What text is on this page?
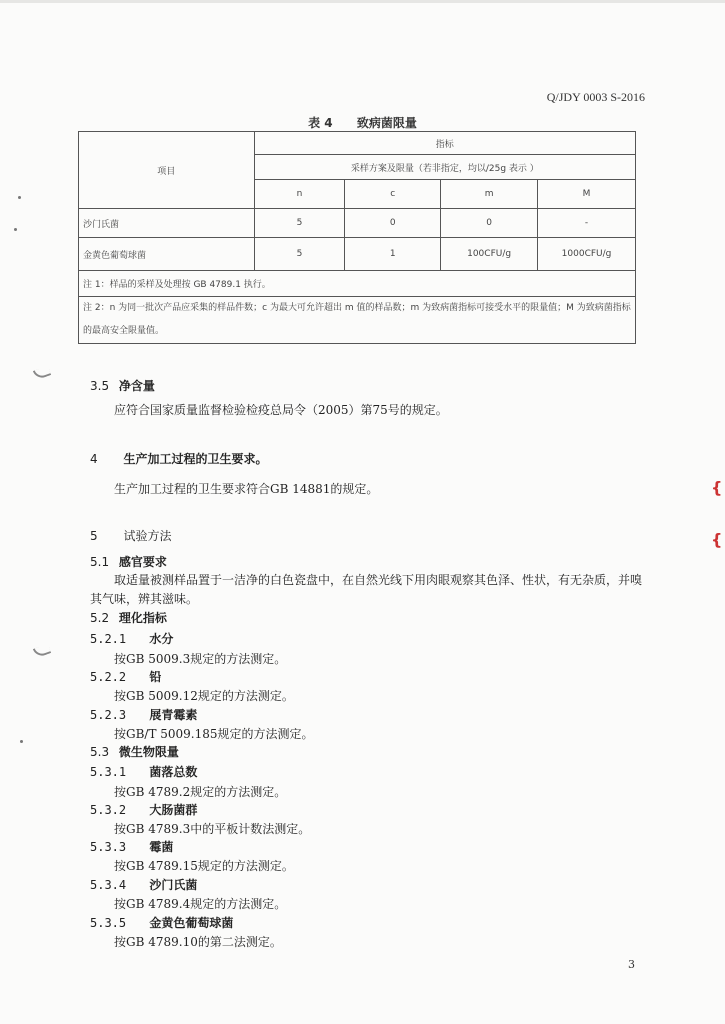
Q/JDY 0003 S-2016
表 4 致病菌限量
项目	指标			
	采样方案及限量（若非指定，均以/25g 表示 ）			
	n	c	m	M
沙门氏菌	5	0	0	-
金黄色葡萄球菌	5	1	100CFU/g	1000CFU/g
注 1：样品的采样及处理按 GB 4789.1 执行。				
注 2：n 为同一批次产品应采集的样品件数；c 为最大可允许超出 m 值的样品数；m 为致病菌指标可接受水平的限量值；M 为致病菌指标的最高安全限量值。				
3.5 净含量
应符合国家质量监督检验检疫总局令（2005）第75号的规定。
4 生产加工过程的卫生要求。
生产加工过程的卫生要求符合GB 14881的规定。
5 试验方法
5.1 感官要求
取适量被测样品置于一洁净的白色瓷盘中，在自然光线下用肉眼观察其色泽、性状，有无杂质，并嗅其气味，辨其滋味。
5.2 理化指标
5.2.1 水分
按GB 5009.3规定的方法测定。
5.2.2 铅
按GB 5009.12规定的方法测定。
5.2.3 展青霉素
按GB/T 5009.185规定的方法测定。
5.3 微生物限量
5.3.1 菌落总数
按GB 4789.2规定的方法测定。
5.3.2 大肠菌群
按GB 4789.3中的平板计数法测定。
5.3.3 霉菌
按GB 4789.15规定的方法测定。
5.3.4 沙门氏菌
按GB 4789.4规定的方法测定。
5.3.5 金黄色葡萄球菌
按GB 4789.10的第二法测定。
3
{
{
